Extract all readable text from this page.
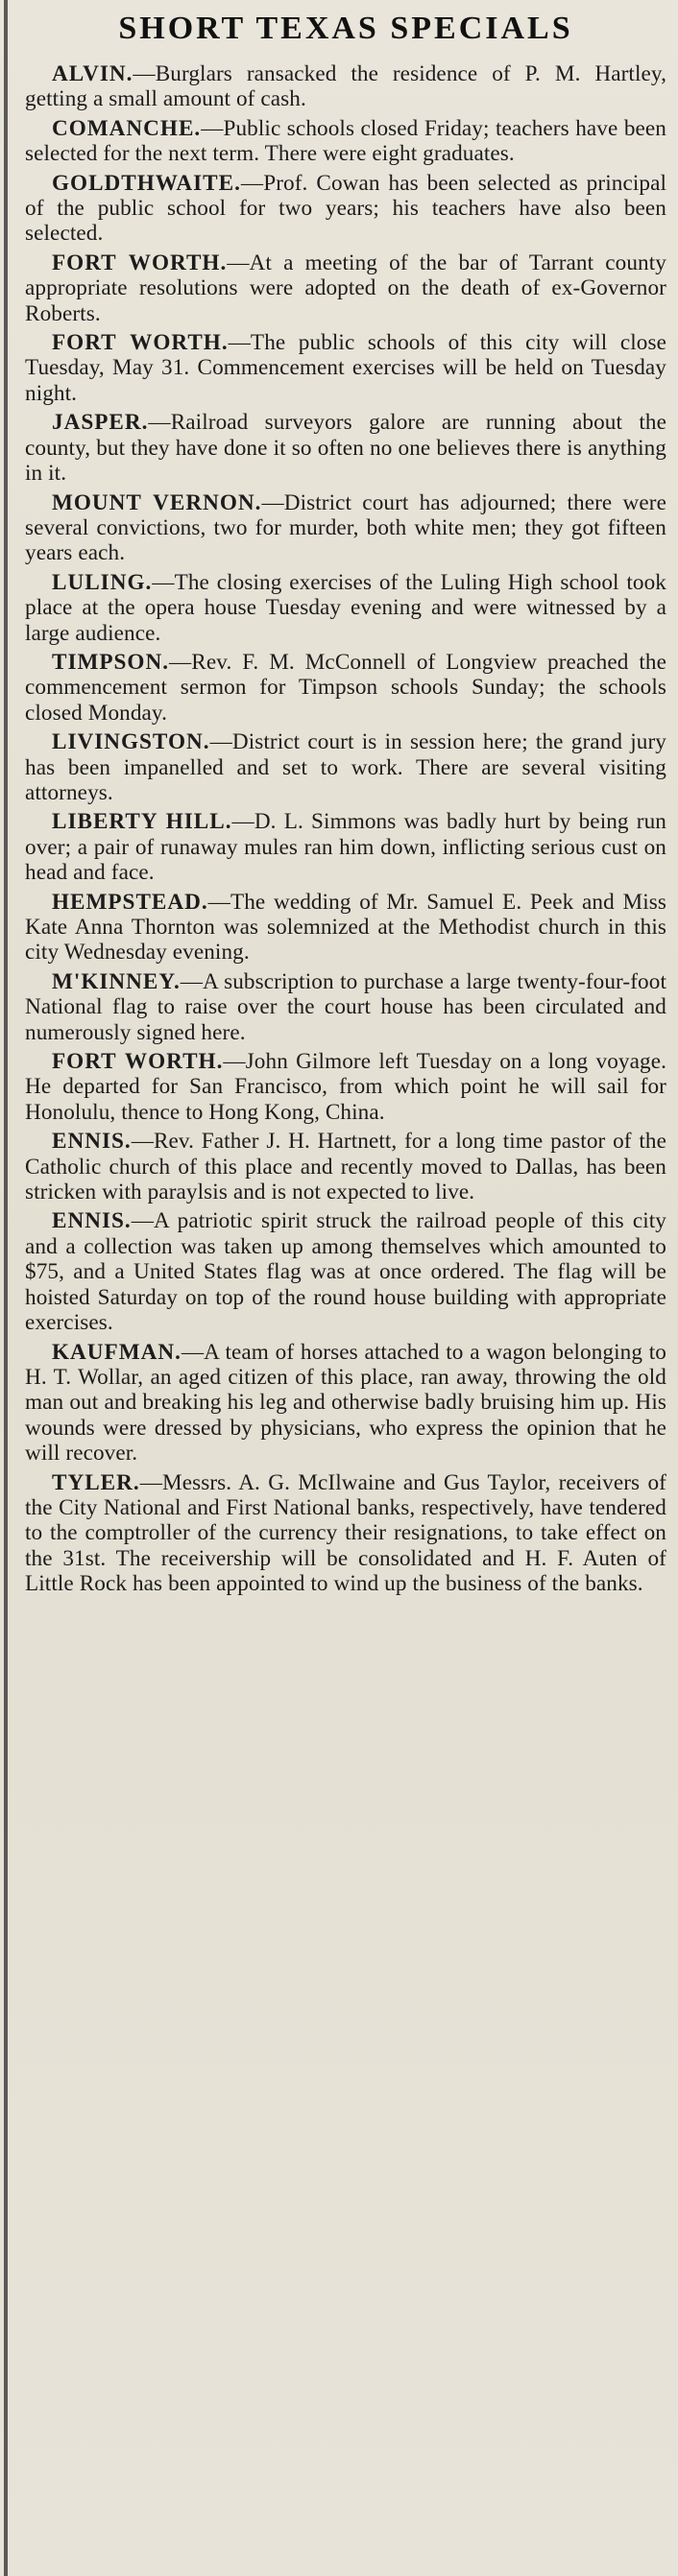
SHORT TEXAS SPECIALS

ALVIN.—Burglars ransacked the residence of P. M. Hartley, getting a small amount of cash.

COMANCHE.—Public schools closed Friday; teachers have been selected for the next term. There were eight graduates.

GOLDTHWAITE.—Prof. Cowan has been selected as principal of the public school for two years; his teachers have also been selected.

FORT WORTH.—At a meeting of the bar of Tarrant county appropriate resolutions were adopted on the death of ex-Governor Roberts.

FORT WORTH.—The public schools of this city will close Tuesday, May 31. Commencement exercises will be held on Tuesday night.

JASPER.—Railroad surveyors galore are running about the county, but they have done it so often no one believes there is anything in it.

MOUNT VERNON.—District court has adjourned; there were several convictions, two for murder, both white men; they got fifteen years each.

LULING.—The closing exercises of the Luling High school took place at the opera house Tuesday evening and were witnessed by a large audience.

TIMPSON.—Rev. F. M. McConnell of Longview preached the commencement sermon for Timpson schools Sunday; the schools closed Monday.

LIVINGSTON.—District court is in session here; the grand jury has been impanelled and set to work. There are several visiting attorneys.

LIBERTY HILL.—D. L. Simmons was badly hurt by being run over; a pair of runaway mules ran him down, inflicting serious cust on head and face.

HEMPSTEAD.—The wedding of Mr. Samuel E. Peek and Miss Kate Anna Thornton was solemnized at the Methodist church in this city Wednesday evening.

M'KINNEY.—A subscription to purchase a large twenty-four-foot National flag to raise over the court house has been circulated and numerously signed here.

FORT WORTH.—John Gilmore left Tuesday on a long voyage. He departed for San Francisco, from which point he will sail for Honolulu, thence to Hong Kong, China.

ENNIS.—Rev. Father J. H. Hartnett, for a long time pastor of the Catholic church of this place and recently moved to Dallas, has been stricken with paraylsis and is not expected to live.

ENNIS.—A patriotic spirit struck the railroad people of this city and a collection was taken up among themselves which amounted to $75, and a United States flag was at once ordered. The flag will be hoisted Saturday on top of the round house building with appropriate exercises.

KAUFMAN.—A team of horses attached to a wagon belonging to H. T. Wollar, an aged citizen of this place, ran away, throwing the old man out and breaking his leg and otherwise badly bruising him up. His wounds were dressed by physicians, who express the opinion that he will recover.

TYLER.—Messrs. A. G. McIlwaine and Gus Taylor, receivers of the City National and First National banks, respectively, have tendered to the comptroller of the currency their resignations, to take effect on the 31st. The receivership will be consolidated and H. F. Auten of Little Rock has been appointed to wind up the business of the banks.
